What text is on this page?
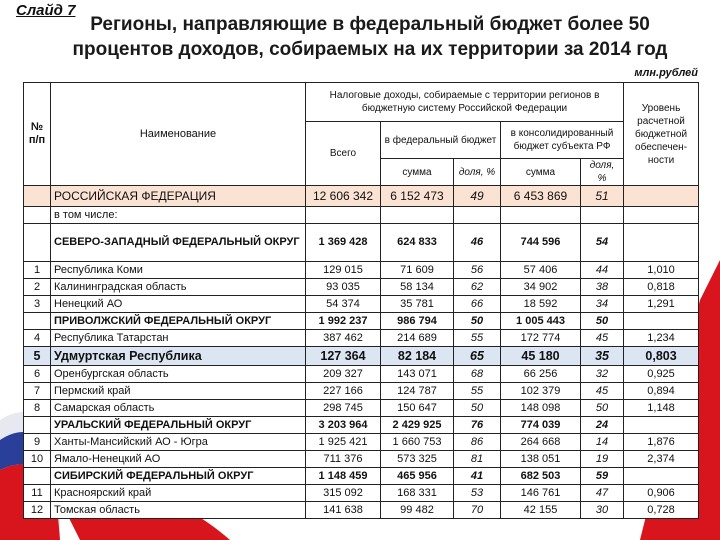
Слайд 7
Регионы, направляющие в федеральный бюджет более 50 процентов доходов, собираемых на их территории за 2014 год
млн.рублей
№ п/п	Наименование	Налоговые доходы, собираемые с территории регионов в бюджетную систему Российской Федерации					Уровень расчетной бюджетной обеспечен-ности
		Всего	в федеральный бюджет		в консолидированный бюджет субъекта РФ		
			сумма	доля, %	сумма	доля, %	
	РОССИЙСКАЯ ФЕДЕРАЦИЯ	12 606 342	6 152 473	49	6 453 869	51	
	в том числе:						
	СЕВЕРО-ЗАПАДНЫЙ ФЕДЕРАЛЬНЫЙ ОКРУГ	1 369 428	624 833	46	744 596	54	
1	Республика Коми	129 015	71 609	56	57 406	44	1,010
2	Калининградская область	93 035	58 134	62	34 902	38	0,818
3	Ненецкий АО	54 374	35 781	66	18 592	34	1,291
	ПРИВОЛЖСКИЙ ФЕДЕРАЛЬНЫЙ ОКРУГ	1 992 237	986 794	50	1 005 443	50	
4	Республика Татарстан	387 462	214 689	55	172 774	45	1,234
5	Удмуртская Республика	127 364	82 184	65	45 180	35	0,803
6	Оренбургская область	209 327	143 071	68	66 256	32	0,925
7	Пермский край	227 166	124 787	55	102 379	45	0,894
8	Самарская область	298 745	150 647	50	148 098	50	1,148
	УРАЛЬСКИЙ ФЕДЕРАЛЬНЫЙ ОКРУГ	3 203 964	2 429 925	76	774 039	24	
9	Ханты-Мансийский АО - Югра	1 925 421	1 660 753	86	264 668	14	1,876
10	Ямало-Ненецкий АО	711 376	573 325	81	138 051	19	2,374
	СИБИРСКИЙ ФЕДЕРАЛЬНЫЙ ОКРУГ	1 148 459	465 956	41	682 503	59	
11	Красноярский край	315 092	168 331	53	146 761	47	0,906
12	Томская область	141 638	99 482	70	42 155	30	0,728
